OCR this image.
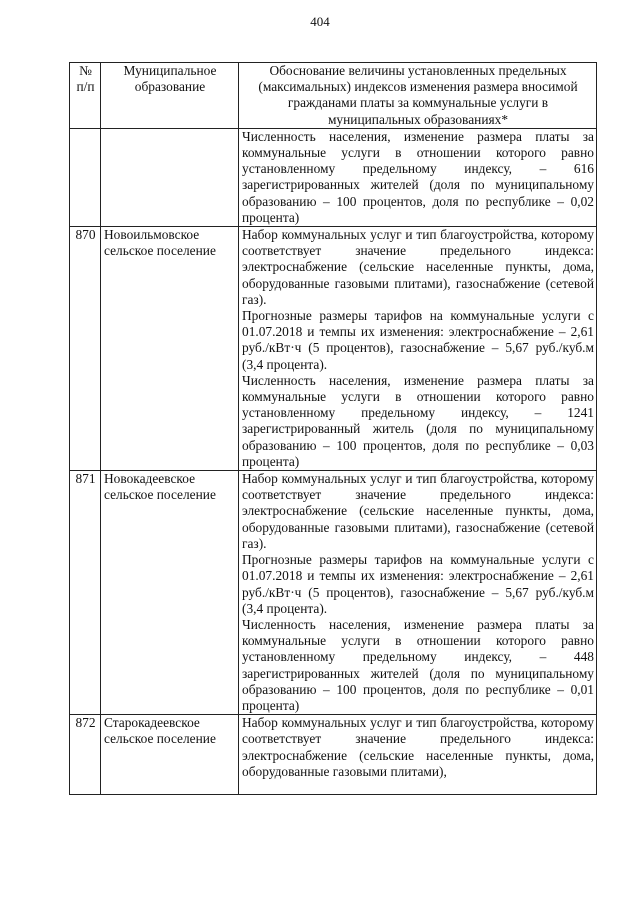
404
№ п/п	Муниципальное образование	Обоснование величины установленных предельных (максимальных) индексов изменения размера вносимой гражданами платы за коммунальные услуги в муниципальных образованиях*

		Численность населения, изменение размера платы за коммунальные услуги в отношении которого равно установленному предельному индексу, – 616 зарегистрированных жителей (доля по муниципальному образованию – 100 процентов, доля по республике – 0,02 процента)

870	Новоильмовское сельское поселение	Набор коммунальных услуг и тип благоустройства, которому соответствует значение предельного индекса: электроснабжение (сельские населенные пункты, дома, оборудованные газовыми плитами), газоснабжение (сетевой газ).
Прогнозные размеры тарифов на коммунальные услуги с 01.07.2018 и темпы их изменения: электроснабжение – 2,61 руб./кВт·ч (5 процентов), газоснабжение – 5,67 руб./куб.м (3,4 процента).
Численность населения, изменение размера платы за коммунальные услуги в отношении которого равно установленному предельному индексу, – 1241 зарегистрированный житель (доля по муниципальному образованию – 100 процентов, доля по республике – 0,03 процента)

871	Новокадеевское сельское поселение	Набор коммунальных услуг и тип благоустройства, которому соответствует значение предельного индекса: электроснабжение (сельские населенные пункты, дома, оборудованные газовыми плитами), газоснабжение (сетевой газ).
Прогнозные размеры тарифов на коммунальные услуги с 01.07.2018 и темпы их изменения: электроснабжение – 2,61 руб./кВт·ч (5 процентов), газоснабжение – 5,67 руб./куб.м (3,4 процента).
Численность населения, изменение размера платы за коммунальные услуги в отношении которого равно установленному предельному индексу, – 448 зарегистрированных жителей (доля по муниципальному образованию – 100 процентов, доля по республике – 0,01 процента)

872	Старокадеевское сельское поселение	Набор коммунальных услуг и тип благоустройства, которому соответствует значение предельного индекса: электроснабжение (сельские населенные пункты, дома, оборудованные газовыми плитами),
